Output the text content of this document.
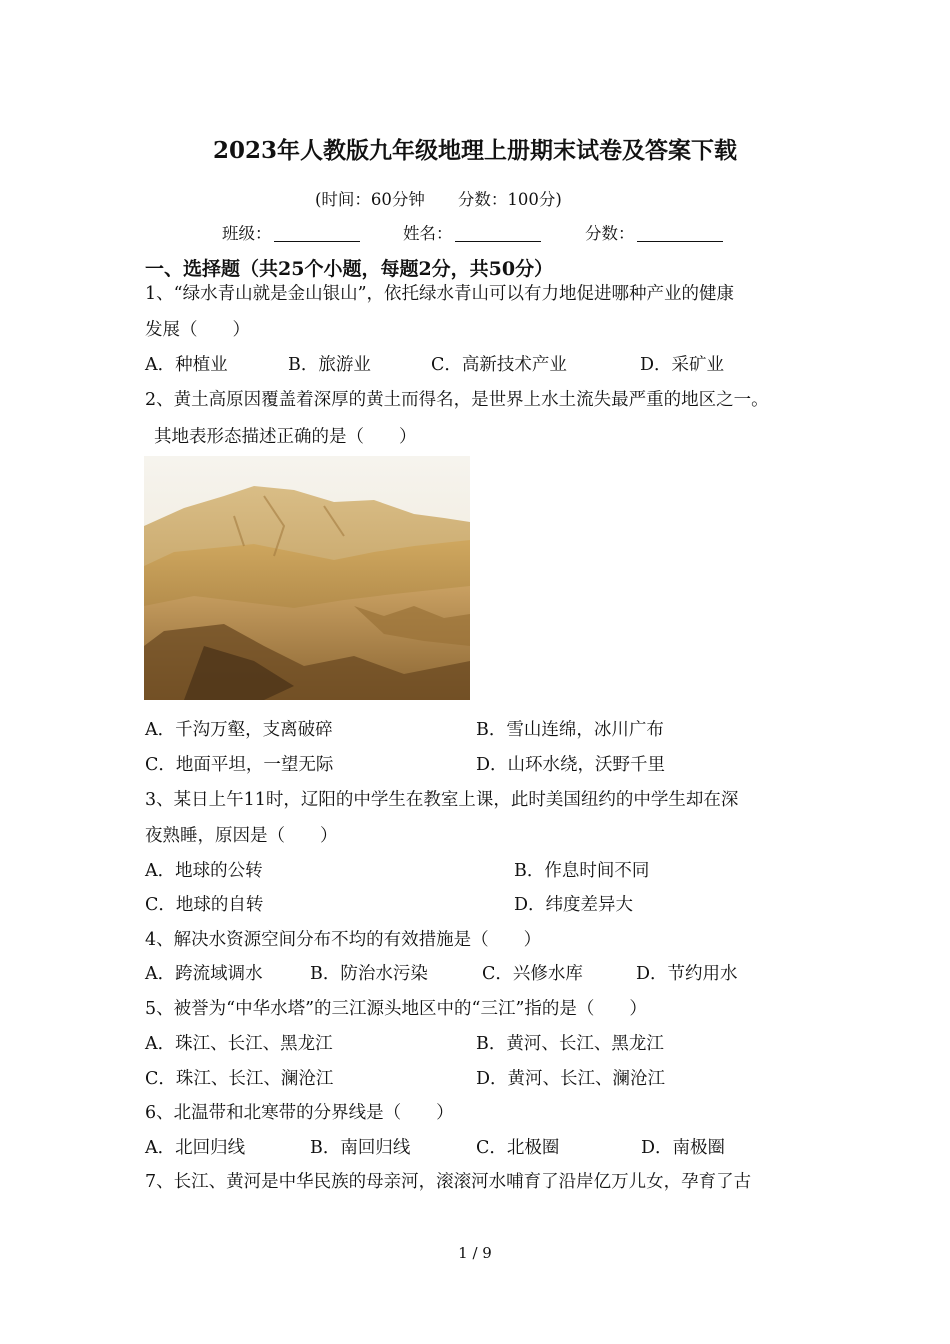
2023年人教版九年级地理上册期末试卷及答案下载
(时间：60分钟　　分数：100分)
班级：	姓名：	分数：
一、选择题（共25个小题，每题2分，共50分）
1、“绿水青山就是金山银山”，依托绿水青山可以有力地促进哪种产业的健康
发展（　　）
A．种植业	B．旅游业	C．高新技术产业	D．采矿业
2、黄土高原因覆盖着深厚的黄土而得名，是世界上水土流失最严重的地区之一。
其地表形态描述正确的是（　　）
A．千沟万壑，支离破碎	B．雪山连绵，冰川广布
C．地面平坦，一望无际	D．山环水绕，沃野千里
3、某日上午11时，辽阳的中学生在教室上课，此时美国纽约的中学生却在深
夜熟睡，原因是（　　）
A．地球的公转	B．作息时间不同
C．地球的自转	D．纬度差异大
4、解决水资源空间分布不均的有效措施是（　　）
A．跨流域调水	B．防治水污染	C．兴修水库	D．节约用水
5、被誉为“中华水塔”的三江源头地区中的“三江”指的是（　　）
A．珠江、长江、黑龙江	B．黄河、长江、黑龙江
C．珠江、长江、澜沧江	D．黄河、长江、澜沧江
6、北温带和北寒带的分界线是（　　）
A．北回归线	B．南回归线	C．北极圈	D．南极圈
7、长江、黄河是中华民族的母亲河，滚滚河水哺育了沿岸亿万儿女，孕育了古
1 / 9
